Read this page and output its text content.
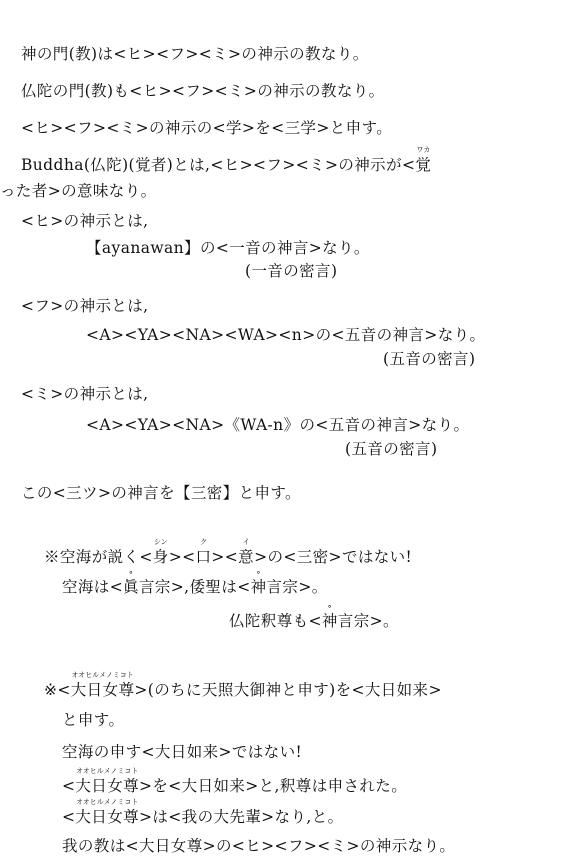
神の門(教)は<ヒ><フ><ミ>の神示の教なり。
仏陀の門(教)も<ヒ><フ><ミ>の神示の教なり。
<ヒ><フ><ミ>の神示の<学>を<三学>と申す。
Buddha(仏陀)(覚者)とは,<ヒ><フ><ミ>の神示が<
ワカ
覚
った者>の意味なり。
<ヒ>の神示とは,
【ayanawan】の<一音の神言>なり。
(一音の密言)
<フ>の神示とは,
<A><YA><NA><WA><n>の<五音の神言>なり。
(五音の密言)
<ミ>の神示とは,
<A><YA><NA>《WA-n》の<五音の神言>なり。
(五音の密言)
この<三ツ>の神言を【三密】と申す。
※空海が説く<
シン
身><
ク
口><
イ
意>の<三密>ではない!
空海は<
°
眞言宗>,倭聖は<
°
神言宗>。
仏陀釈尊も<
°
神言宗>。
※<
オオヒルメノミコト
大日女尊>(のちに天照大御神と申す)を<大日如来>
と申す。
空海の申す<大日如来>ではない!
<
オオヒルメノミコト
大日女尊>を<大日如来>と,釈尊は申された。
<
オオヒルメノミコト
大日女尊>は<我の大先輩>なり,と。
我の教は<大日女尊>の<ヒ><フ><ミ>の神示なり。
